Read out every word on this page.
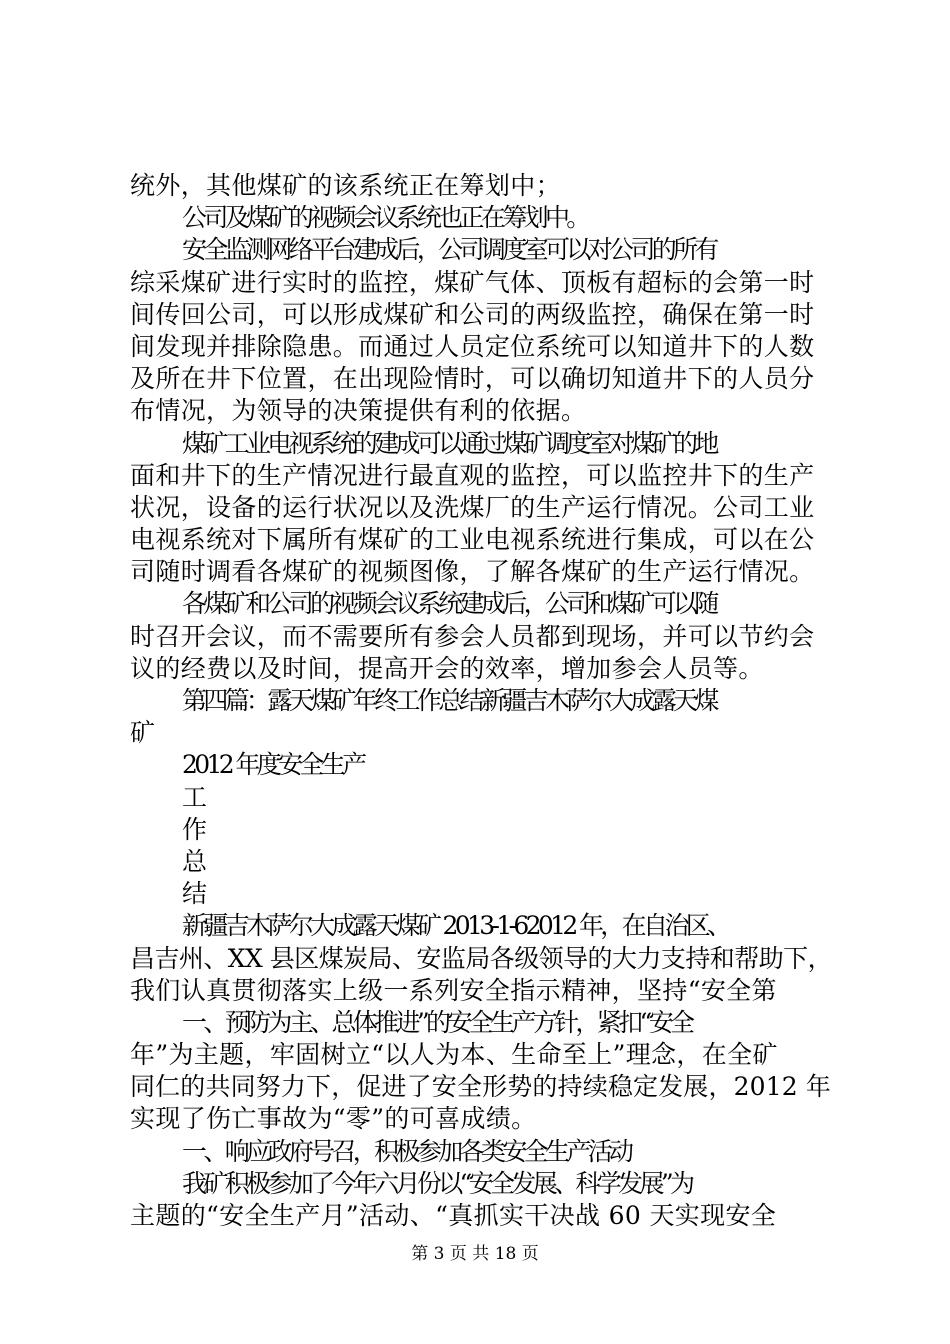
统外，其他煤矿的该系统正在筹划中；
公司及煤矿的视频会议系统也正在筹划中。
安全监测网络平台建成后，公司调度室可以对公司的所有
综采煤矿进行实时的监控，煤矿气体、顶板有超标的会第一时
间传回公司，可以形成煤矿和公司的两级监控，确保在第一时
间发现并排除隐患。而通过人员定位系统可以知道井下的人数
及所在井下位置，在出现险情时，可以确切知道井下的人员分
布情况，为领导的决策提供有利的依据。
煤矿工业电视系统的建成可以通过煤矿调度室对煤矿的地
面和井下的生产情况进行最直观的监控，可以监控井下的生产
状况，设备的运行状况以及洗煤厂的生产运行情况。公司工业
电视系统对下属所有煤矿的工业电视系统进行集成，可以在公
司随时调看各煤矿的视频图像，了解各煤矿的生产运行情况。
各煤矿和公司的视频会议系统建成后，公司和煤矿可以随
时召开会议，而不需要所有参会人员都到现场，并可以节约会
议的经费以及时间，提高开会的效率，增加参会人员等。
第四篇：露天煤矿年终工作总结新疆吉木萨尔大成露天煤
矿
2012 年度安全生产
工
作
总
结
新疆吉木萨尔大成露天煤矿 2013-1-62012 年，在自治区、
昌吉州、XX 县区煤炭局、安监局各级领导的大力支持和帮助下，
我们认真贯彻落实上级一系列安全指示精神，坚持“安全第
一、预防为主、总体推进”的安全生产方针，紧扣“安全
年”为主题，牢固树立“以人为本、生命至上”理念，在全矿
同仁的共同努力下，促进了安全形势的持续稳定发展，2012 年
实现了伤亡事故为“零”的可喜成绩。
一、响应政府号召，积极参加各类安全生产活动
我矿积极参加了今年六月份以“安全发展、科学发展”为
主题的“安全生产月”活动、“真抓实干决战 60 天实现安全
第 3 页 共 18 页
